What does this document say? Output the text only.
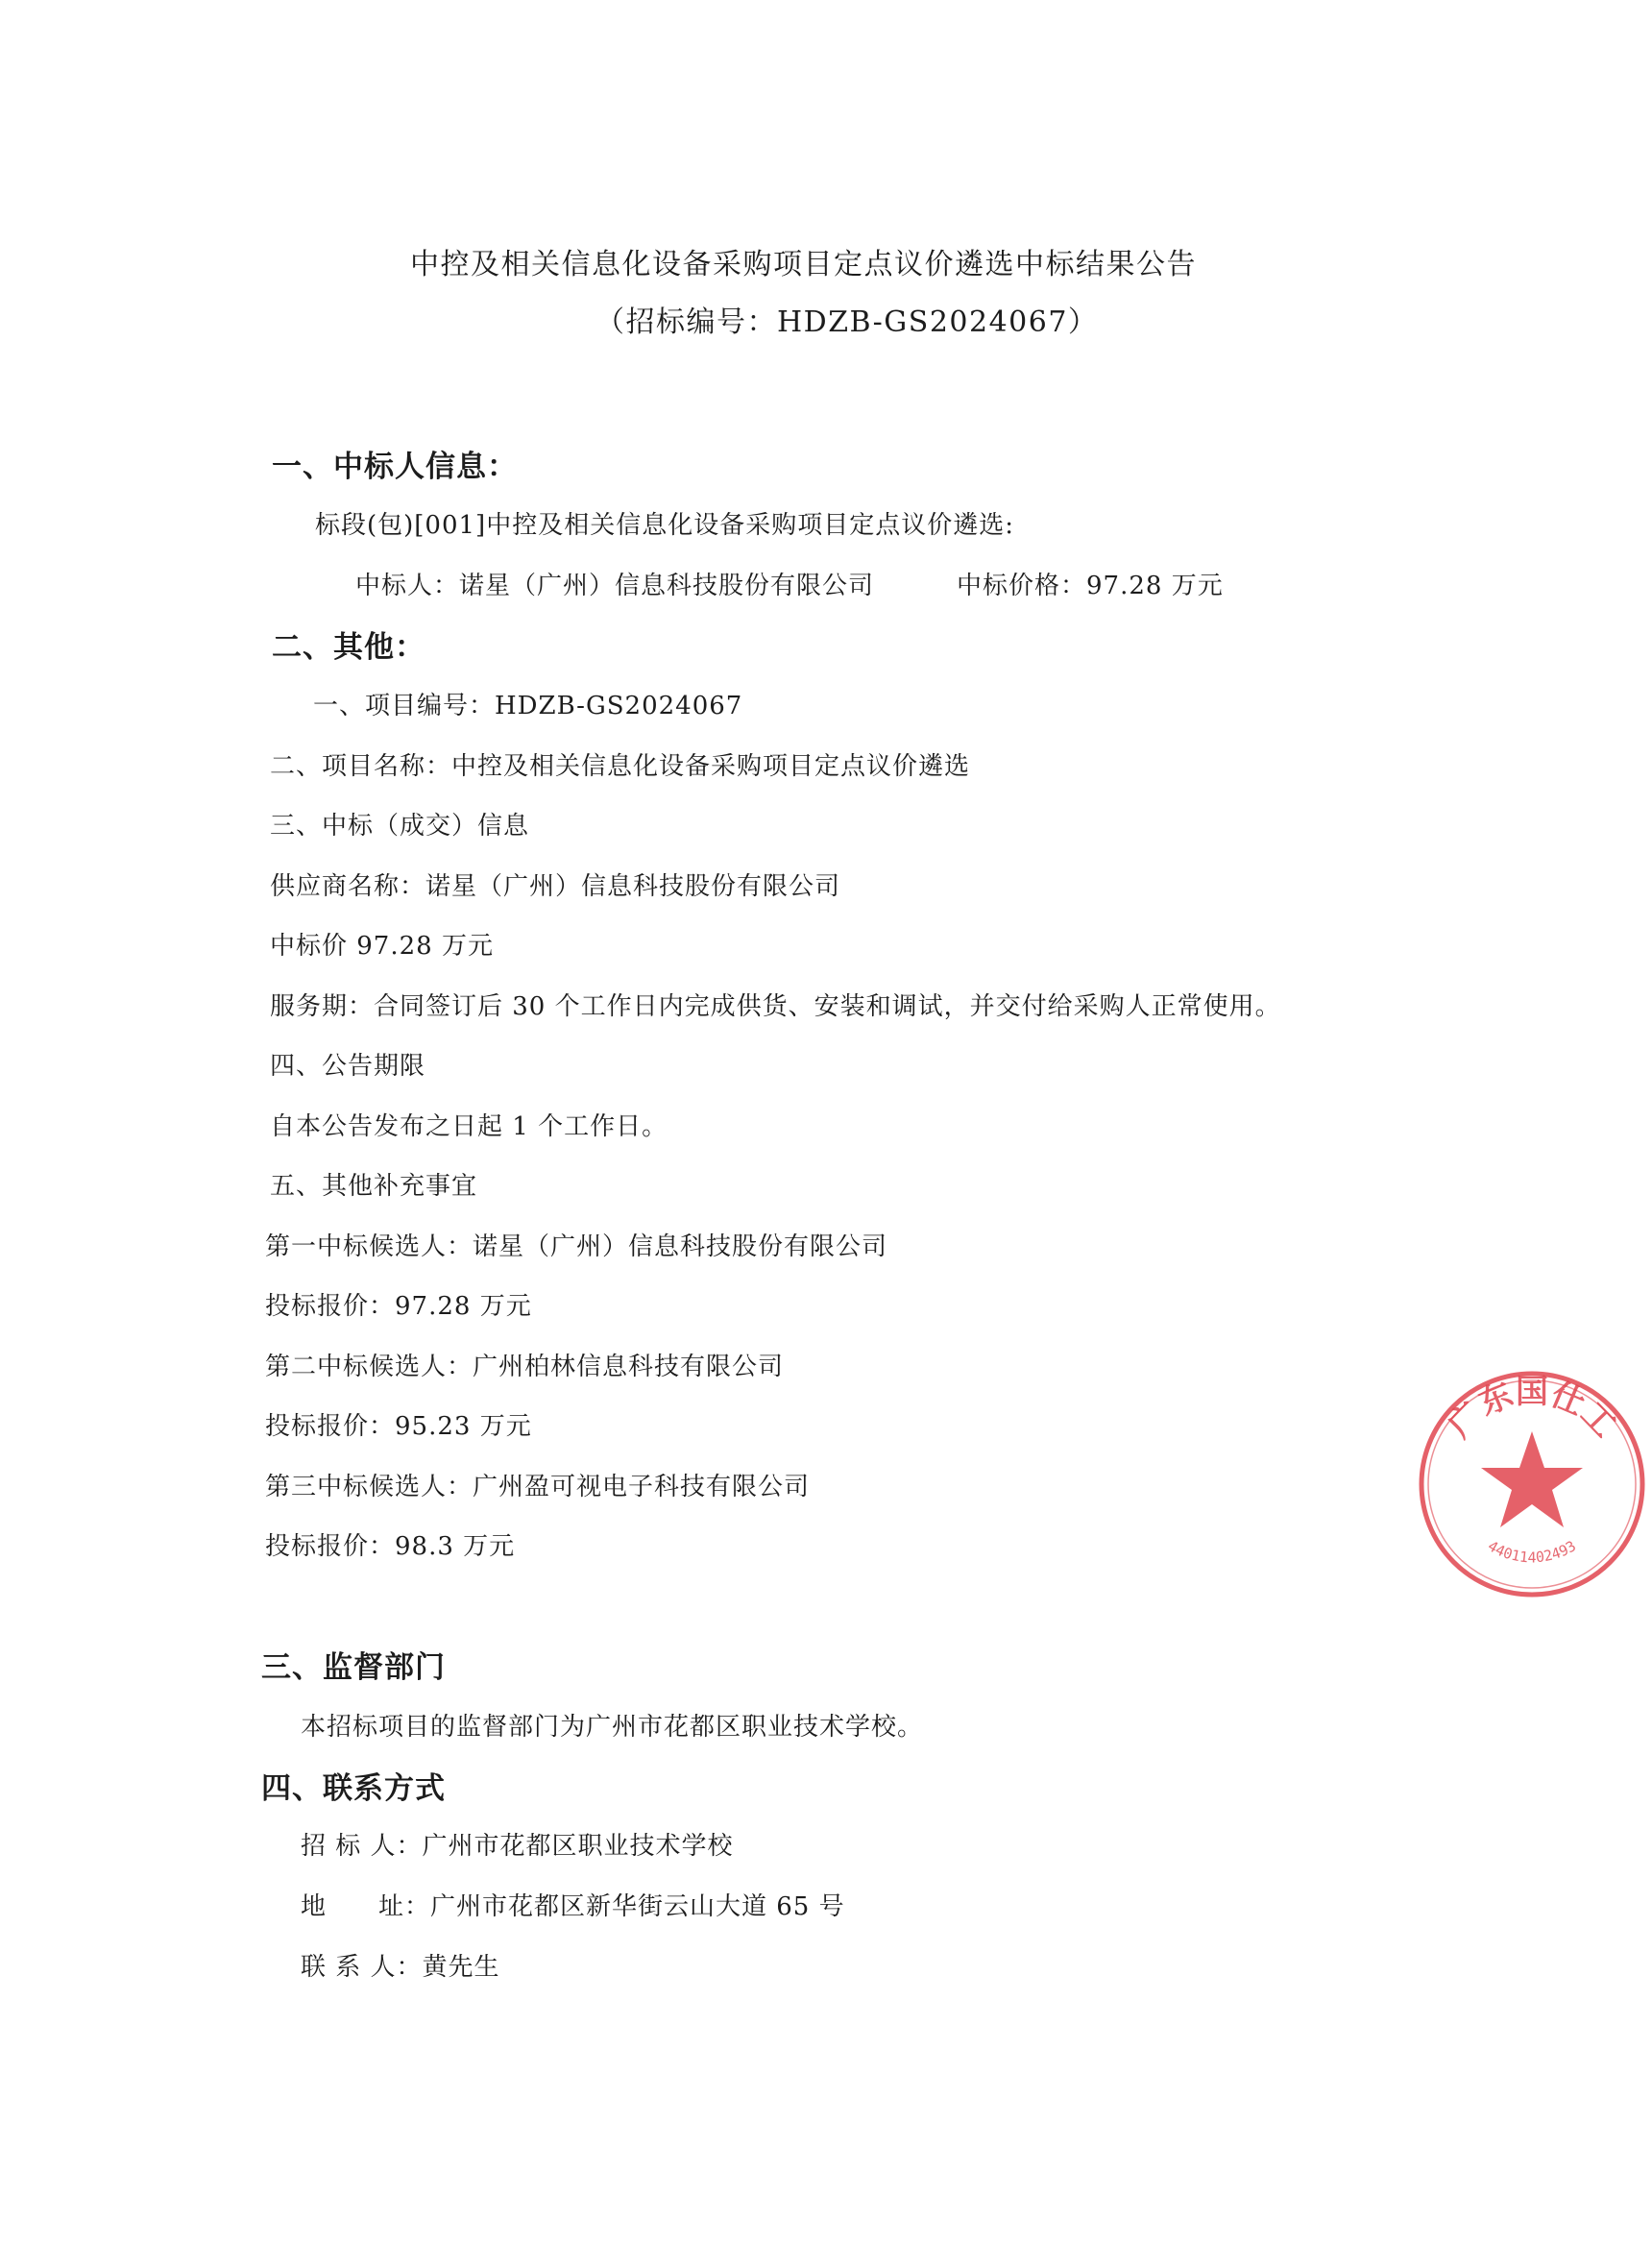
中控及相关信息化设备采购项目定点议价遴选中标结果公告
（招标编号：HDZB-GS2024067）
一、中标人信息：
标段(包)[001]中控及相关信息化设备采购项目定点议价遴选:
中标人：诺星（广州）信息科技股份有限公司	中标价格：97.28 万元
二、其他：
一、项目编号：HDZB-GS2024067
二、项目名称：中控及相关信息化设备采购项目定点议价遴选
三、中标（成交）信息
供应商名称：诺星（广州）信息科技股份有限公司
中标价 97.28 万元
服务期：合同签订后 30 个工作日内完成供货、安装和调试，并交付给采购人正常使用。
四、公告期限
自本公告发布之日起 1 个工作日。
五、其他补充事宜
第一中标候选人：诺星（广州）信息科技股份有限公司
投标报价：97.28 万元
第二中标候选人：广州柏林信息科技有限公司
投标报价：95.23 万元
第三中标候选人：广州盈可视电子科技有限公司
投标报价：98.3 万元
三、监督部门
本招标项目的监督部门为广州市花都区职业技术学校。
四、联系方式
招 标 人：广州市花都区职业技术学校
地　　址：广州市花都区新华街云山大道 65 号
联 系 人：黄先生
广东国仕工
44011402493
